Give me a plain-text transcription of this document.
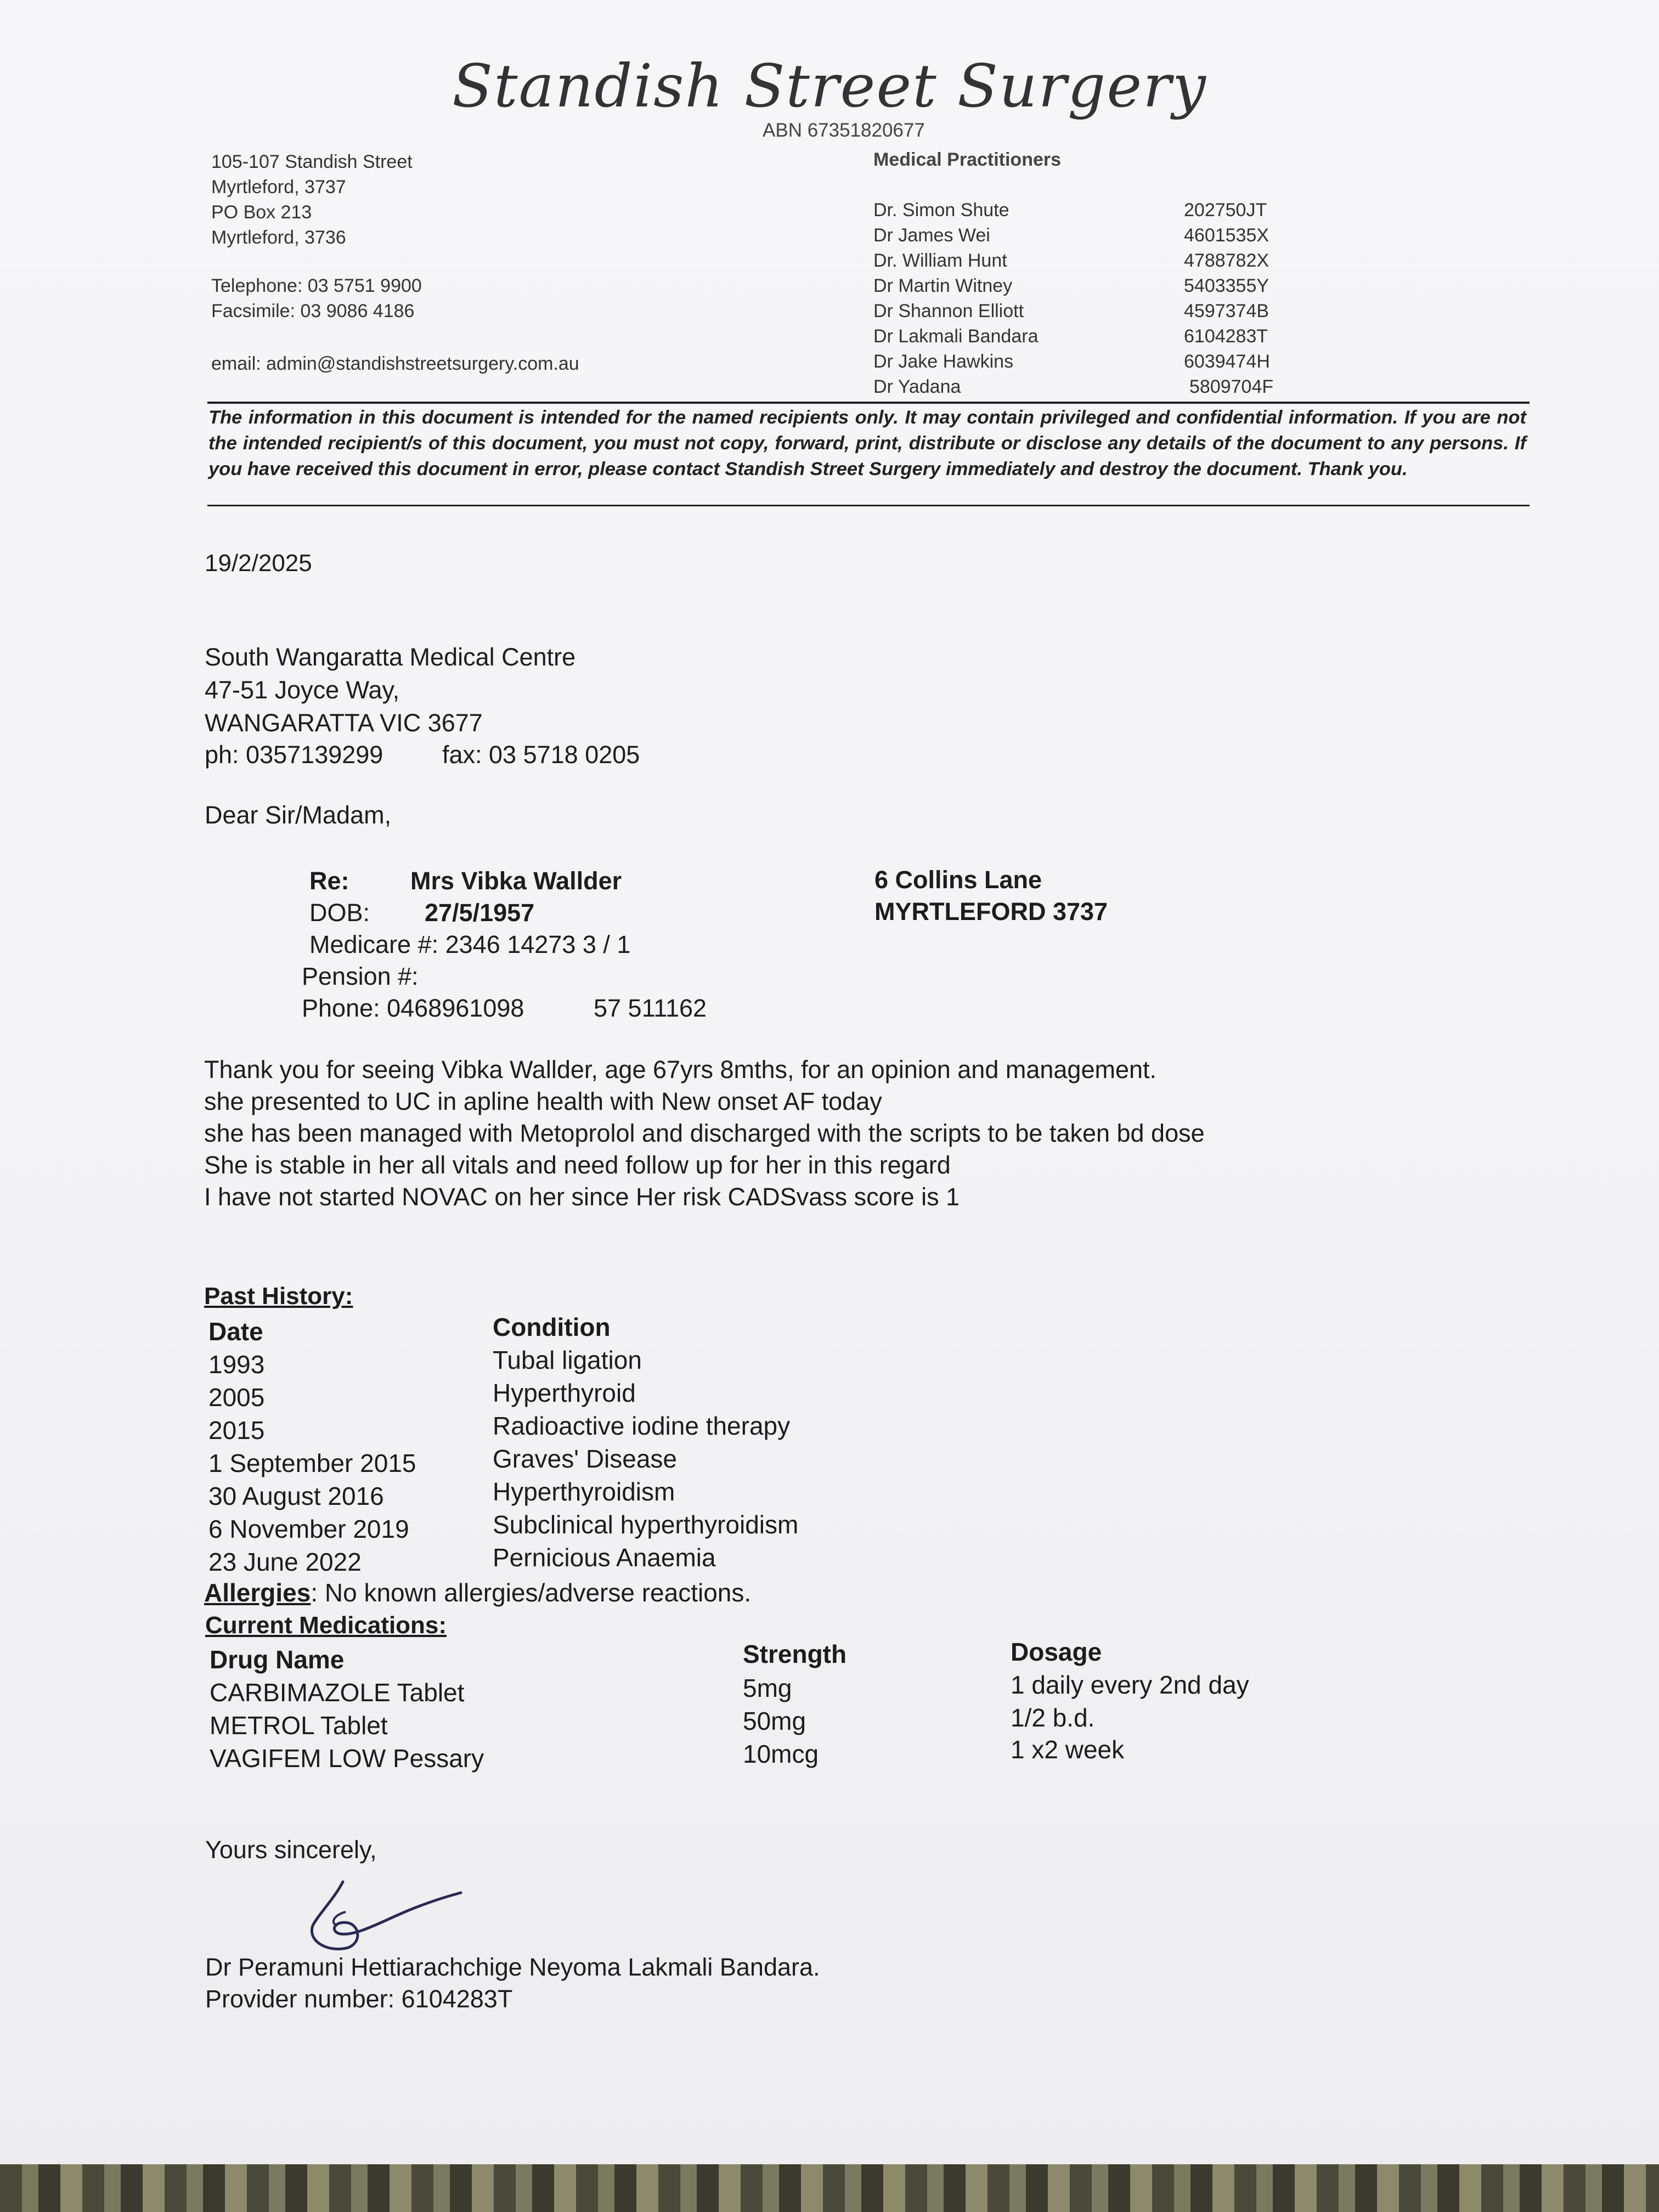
Standish Street Surgery
ABN 67351820677
105-107 Standish Street
Myrtleford, 3737
PO Box 213
Myrtleford, 3736
Telephone: 03 5751 9900
Facsimile: 03 9086 4186
email: admin@standishstreetsurgery.com.au
Medical Practitioners
Dr. Simon Shute	202750JT
Dr James Wei	4601535X
Dr. William Hunt	4788782X
Dr Martin Witney	5403355Y
Dr Shannon Elliott	4597374B
Dr Lakmali Bandara	6104283T
Dr Jake Hawkins	6039474H
Dr Yadana	5809704F
The information in this document is intended for the named recipients only. It may contain privileged and confidential information. If you are not the intended recipient/s of this document, you must not copy, forward, print, distribute or disclose any details of the document to any persons. If you have received this document in error, please contact Standish Street Surgery immediately and destroy the document. Thank you.
19/2/2025
South Wangaratta Medical Centre
47-51 Joyce Way,
WANGARATTA VIC 3677
ph: 0357139299 fax: 03 5718 0205
Dear Sir/Madam,
Re: Mrs Vibka Wallder
DOB: 27/5/1957
Medicare #: 2346 14273 3 / 1
Pension #:
Phone: 0468961098	57 511162
6 Collins Lane
MYRTLEFORD 3737
Thank you for seeing Vibka Wallder, age 67yrs 8mths, for an opinion and management.
she presented to UC in apline health with New onset AF today
she has been managed with Metoprolol and discharged with the scripts to be taken bd dose
She is stable in her all vitals and need follow up for her in this regard
I have not started NOVAC on her since Her risk CADSvass score is 1
Past History:
Date	Condition
1993	Tubal ligation
2005	Hyperthyroid
2015	Radioactive iodine therapy
1 September 2015	Graves' Disease
30 August 2016	Hyperthyroidism
6 November 2019	Subclinical hyperthyroidism
23 June 2022	Pernicious Anaemia
Allergies: No known allergies/adverse reactions.
Current Medications:
Drug Name	Strength	Dosage
CARBIMAZOLE Tablet	5mg	1 daily every 2nd day
METROL Tablet	50mg	1/2 b.d.
VAGIFEM LOW Pessary	10mcg	1 x2 week
Yours sincerely,
Dr Peramuni Hettiarachchige Neyoma Lakmali Bandara.
Provider number: 6104283T
